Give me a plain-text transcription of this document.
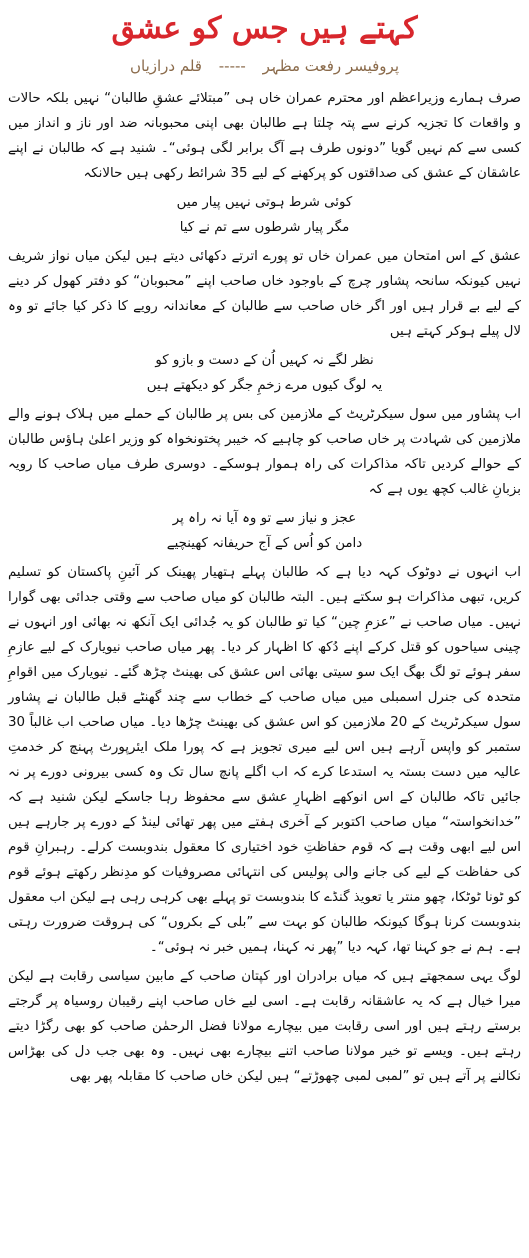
کہتے ہیں جس کو عشق
پروفیسر رفعت مظہر ----- قلم درازیاں

صرف ہمارے وزیراعظم اور محترم عمران خاں ہی ”مبتلائے عشقِ طالبان“ نہیں بلکہ حالات و واقعات کا تجزیہ کرنے سے پتہ چلتا ہے طالبان بھی اپنی محبوبانہ ضد اور ناز و انداز میں کسی سے کم نہیں گویا ”دونوں طرف ہے آگ برابر لگی ہوئی“۔ شنید ہے کہ طالبان نے اپنے عاشقان کے عشق کی صداقتوں کو پرکھنے کے لیے 35 شرائط رکھی ہیں حالانکہ

کوئی شرط ہوتی نہیں پیار میں

مگر پیار شرطوں سے تم نے کیا

عشق کے اس امتحان میں عمران خاں تو پورے اترتے دکھائی دیتے ہیں لیکن میاں نواز شریف نہیں کیونکہ سانحہ پشاور چرچ کے باوجود خاں صاحب اپنے ”محبوبان“ کو دفتر کھول کر دینے کے لیے بے قرار ہیں اور اگر خاں صاحب سے طالبان کے معاندانہ رویے کا ذکر کیا جائے تو وہ لال پیلے ہوکر کہتے ہیں

نظر لگے نہ کہیں اُن کے دست و بازو کو

یہ لوگ کیوں مرے زخمِ جگر کو دیکھتے ہیں

اب پشاور میں سول سیکرٹریٹ کے ملازمین کی بس پر طالبان کے حملے میں ہلاک ہونے والے ملازمین کی شہادت پر خاں صاحب کو چاہیے کہ خیبر پختونخواہ کو وزیر اعلیٰ ہاؤس طالبان کے حوالے کردیں تاکہ مذاکرات کی راہ ہموار ہوسکے۔ دوسری طرف میاں صاحب کا رویہ بزبانِ غالب کچھ یوں ہے کہ

عجز و نیاز سے تو وہ آیا نہ راہ پر

دامن کو اُس کے آج حریفانہ کھینچیے

اب انہوں نے دوٹوک کہہ دیا ہے کہ طالبان پہلے ہتھیار پھینک کر آئینِ پاکستان کو تسلیم کریں، تبھی مذاکرات ہو سکتے ہیں۔ البتہ طالبان کو میاں صاحب سے وقتی جدائی بھی گوارا نہیں۔ میاں صاحب نے ”عزمِ چین“ کیا تو طالبان کو یہ جُدائی ایک آنکھ نہ بھائی اور انہوں نے چینی سیاحوں کو قتل کرکے اپنے دُکھ کا اظہار کر دیا۔ پھر میاں صاحب نیویارک کے لیے عازمِ سفر ہوئے تو لگ بھگ ایک سو سیتی بھائی اس عشق کی بھینٹ چڑھ گئے۔ نیویارک میں اقوامِ متحدہ کی جنرل اسمبلی میں میاں صاحب کے خطاب سے چند گھنٹے قبل طالبان نے پشاور سول سیکرٹریٹ کے 20 ملازمین کو اس عشق کی بھینٹ چڑھا دیا۔ میاں صاحب اب غالباً 30 ستمبر کو واپس آرہے ہیں اس لیے میری تجویز ہے کہ پورا ملک ایئرپورٹ پہنچ کر خدمتِ عالیہ میں دست بستہ یہ استدعا کرے کہ اب اگلے پانچ سال تک وہ کسی بیرونی دورے پر نہ جائیں تاکہ طالبان کے اس انوکھے اظہارِ عشق سے محفوظ رہا جاسکے لیکن شنید ہے کہ ”خدانخواستہ“ میاں صاحب اکتوبر کے آخری ہفتے میں پھر تھائی لینڈ کے دورے پر جارہے ہیں اس لیے ابھی وقت ہے کہ قوم حفاظتِ خود اختیاری کا معقول بندوبست کرلے۔ رہبرانِ قوم کی حفاظت کے لیے کی جانے والی پولیس کی انتہائی مصروفیات کو مدِنظر رکھتے ہوئے قوم کو ٹونا ٹوٹکا، چھو منتر یا تعویذ گنڈے کا بندوبست تو پہلے بھی کرہی رہی ہے لیکن اب معقول بندوبست کرنا ہوگا کیونکہ طالبان کو بہت سے ”بلی کے بکروں“ کی ہروقت ضرورت رہتی ہے۔ ہم نے جو کہنا تھا، کہہ دیا ”پھر نہ کہنا، ہمیں خبر نہ ہوئی“۔

لوگ یہی سمجھتے ہیں کہ میاں برادران اور کپتان صاحب کے مابین سیاسی رقابت ہے لیکن میرا خیال ہے کہ یہ عاشقانہ رقابت ہے۔ اسی لیے خاں صاحب اپنے رقیبان روسیاہ پر گرجتے برستے رہتے ہیں اور اسی رقابت میں بیچارے مولانا فضل الرحمٰن صاحب کو بھی رگڑا دیتے رہتے ہیں۔ ویسے تو خیر مولانا صاحب اتنے بیچارے بھی نہیں۔ وہ بھی جب دل کی بھڑاس نکالنے پر آتے ہیں تو ”لمبی لمبی چھوڑتے“ ہیں لیکن خاں صاحب کا مقابلہ پھر بھی
